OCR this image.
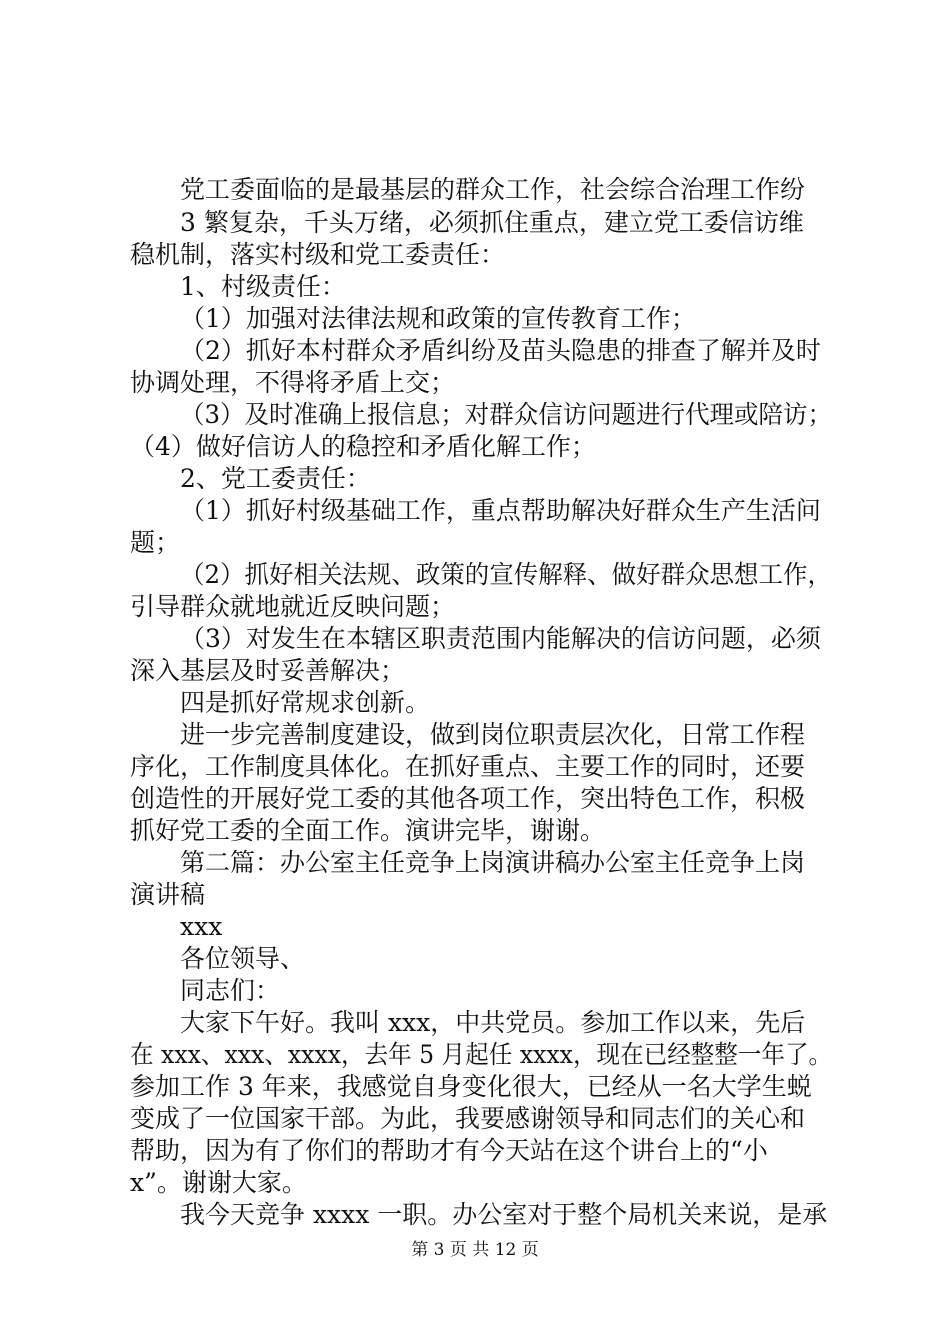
党工委面临的是最基层的群众工作，社会综合治理工作纷
3 繁复杂，千头万绪，必须抓住重点，建立党工委信访维
稳机制，落实村级和党工委责任：
1、村级责任：
（1）加强对法律法规和政策的宣传教育工作；
（2）抓好本村群众矛盾纠纷及苗头隐患的排查了解并及时
协调处理，不得将矛盾上交；
（3）及时准确上报信息；对群众信访问题进行代理或陪访；
（4）做好信访人的稳控和矛盾化解工作；
2、党工委责任：
（1）抓好村级基础工作，重点帮助解决好群众生产生活问
题；
（2）抓好相关法规、政策的宣传解释、做好群众思想工作，
引导群众就地就近反映问题；
（3）对发生在本辖区职责范围内能解决的信访问题，必须
深入基层及时妥善解决；
四是抓好常规求创新。
进一步完善制度建设，做到岗位职责层次化，日常工作程
序化，工作制度具体化。在抓好重点、主要工作的同时，还要
创造性的开展好党工委的其他各项工作，突出特色工作，积极
抓好党工委的全面工作。演讲完毕，谢谢。
第二篇：办公室主任竞争上岗演讲稿办公室主任竞争上岗
演讲稿
xxx
各位领导、
同志们：
大家下午好。我叫 xxx，中共党员。参加工作以来，先后
在 xxx、xxx、xxxx，去年 5 月起任 xxxx，现在已经整整一年了。
参加工作 3 年来，我感觉自身变化很大，已经从一名大学生蜕
变成了一位国家干部。为此，我要感谢领导和同志们的关心和
帮助，因为有了你们的帮助才有今天站在这个讲台上的“小
x”。谢谢大家。
我今天竞争 xxxx 一职。办公室对于整个局机关来说，是承
第 3 页 共 12 页
